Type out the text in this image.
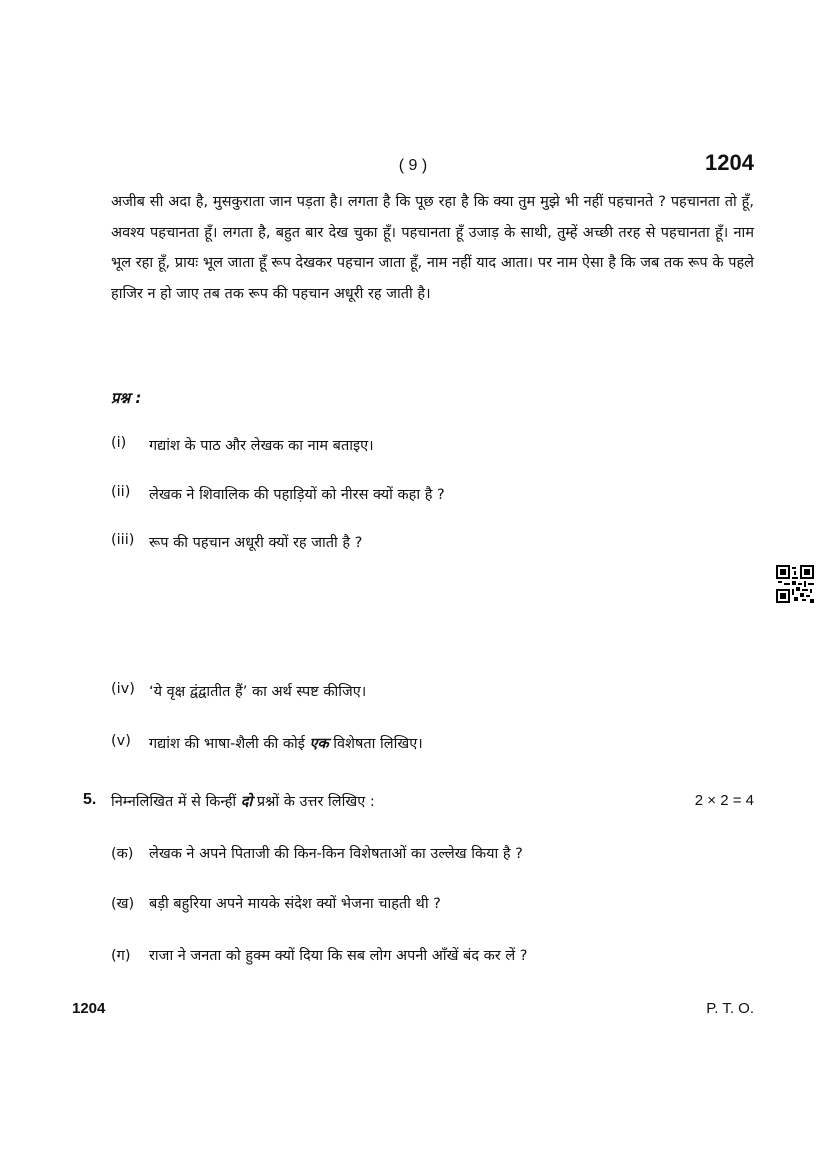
( 9 )	1204
अजीब सी अदा है, मुसकुराता जान पड़ता है। लगता है कि पूछ रहा है कि क्या तुम मुझे भी नहीं पहचानते ? पहचानता तो हूँ, अवश्य पहचानता हूँ। लगता है, बहुत बार देख चुका हूँ। पहचानता हूँ उजाड़ के साथी, तुम्हें अच्छी तरह से पहचानता हूँ। नाम भूल रहा हूँ, प्रायः भूल जाता हूँ रूप देखकर पहचान जाता हूँ, नाम नहीं याद आता। पर नाम ऐसा है कि जब तक रूप के पहले हाजिर न हो जाए तब तक रूप की पहचान अधूरी रह जाती है।
प्रश्न :
(i)	गद्यांश के पाठ और लेखक का नाम बताइए।
(ii)	लेखक ने शिवालिक की पहाड़ियों को नीरस क्यों कहा है ?
(iii)	रूप की पहचान अधूरी क्यों रह जाती है ?
(iv) ‘ये वृक्ष द्वंद्वातीत हैं’ का अर्थ स्पष्ट कीजिए।
(v)	गद्यांश की भाषा-शैली की कोई एक विशेषता लिखिए।
5. निम्नलिखित में से किन्हीं दो प्रश्नों के उत्तर लिखिए :	2 × 2 = 4
(क)	लेखक ने अपने पिताजी की किन-किन विशेषताओं का उल्लेख किया है ?
(ख)	बड़ी बहुरिया अपने मायके संदेश क्यों भेजना चाहती थी ?
(ग)	राजा ने जनता को हुक्म क्यों दिया कि सब लोग अपनी आँखें बंद कर लें ?
1204	P. T. O.
